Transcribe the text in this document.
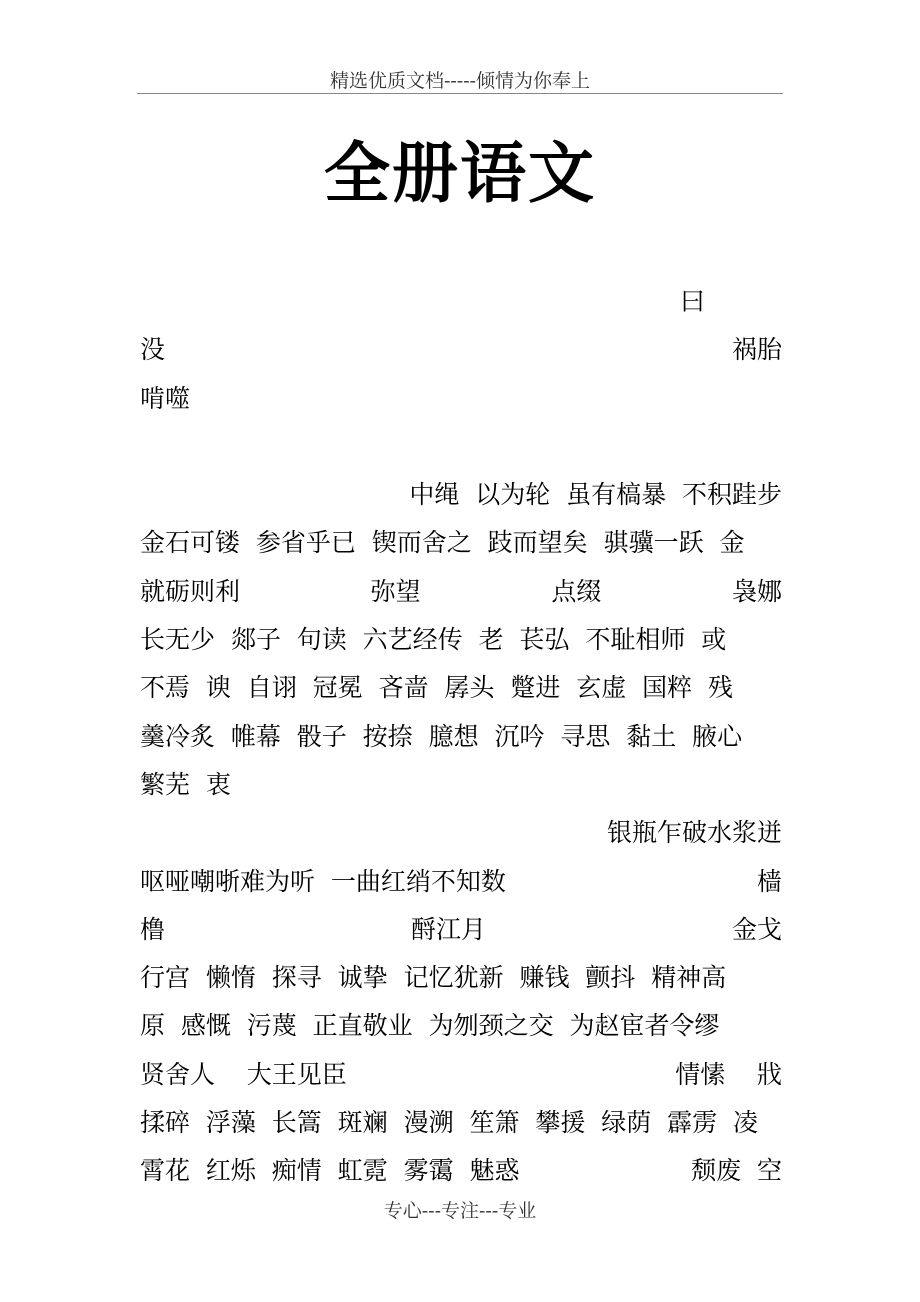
精选优质文档-----倾情为你奉上
全册语文
曰
没	祸胎
啃噬
中绳  以为轮  虽有槁暴  不积跬步
金石可镂  参省乎已  锲而舍之  跂而望矣  骐骥一跃  金
就砺则利	弥望	点缀	袅娜
长无少  郯子  句读  六艺经传  老  苌弘  不耻相师  或
不焉  谀  自诩  冠冕  吝啬  孱头  蹩进  玄虚  国粹  残
羹冷炙  帷幕  骰子  按捺  臆想  沉吟  寻思  黏土  腋心
繁芜  衷
银瓶乍破水浆迸
呕哑嘲哳难为听  一曲红绡不知数	樯
橹	酹江月	金戈
行宫  懒惰  探寻  诚挚  记忆犹新  赚钱  颤抖  精神高
原  感慨  污蔑  正直敬业  为刎颈之交  为赵宦者令缪
贤舍人    大王见臣	情愫    戕
揉碎  浮藻  长篙  斑斓  漫溯  笙箫  攀援  绿荫  霹雳  凌
霄花  红烁  痴情  虹霓  雾霭  魅惑	颓废  空
专心---专注---专业
